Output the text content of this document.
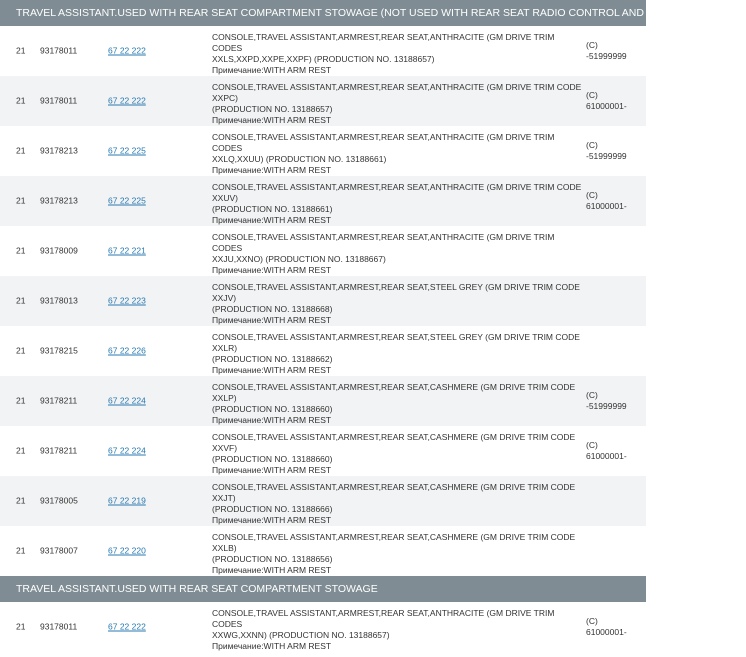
TRAVEL ASSISTANT.USED WITH REAR SEAT COMPARTMENT STOWAGE (NOT USED WITH REAR SEAT RADIO CONTROL AND EARPHONE JACKS)
21 93178011	67 22 222
CONSOLE,TRAVEL ASSISTANT,ARMREST,REAR SEAT,ANTHRACITE (GM DRIVE TRIM CODES
XXLS,XXPD,XXPE,XXPF) (PRODUCTION NO. 13188657)
Примечание:WITH ARM REST
(C)
-51999999
21 93178011	67 22 222
CONSOLE,TRAVEL ASSISTANT,ARMREST,REAR SEAT,ANTHRACITE (GM DRIVE TRIM CODE XXPC)
(PRODUCTION NO. 13188657)
Примечание:WITH ARM REST
(C)
61000001-
21 93178213	67 22 225
CONSOLE,TRAVEL ASSISTANT,ARMREST,REAR SEAT,ANTHRACITE (GM DRIVE TRIM CODES
XXLQ,XXUU) (PRODUCTION NO. 13188661)
Примечание:WITH ARM REST
(C)
-51999999
21 93178213	67 22 225
CONSOLE,TRAVEL ASSISTANT,ARMREST,REAR SEAT,ANTHRACITE (GM DRIVE TRIM CODE XXUV)
(PRODUCTION NO. 13188661)
Примечание:WITH ARM REST
(C)
61000001-
21 93178009	67 22 221
CONSOLE,TRAVEL ASSISTANT,ARMREST,REAR SEAT,ANTHRACITE (GM DRIVE TRIM CODES
XXJU,XXNO) (PRODUCTION NO. 13188667)
Примечание:WITH ARM REST
21 93178013	67 22 223
CONSOLE,TRAVEL ASSISTANT,ARMREST,REAR SEAT,STEEL GREY (GM DRIVE TRIM CODE XXJV)
(PRODUCTION NO. 13188668)
Примечание:WITH ARM REST
21 93178215	67 22 226
CONSOLE,TRAVEL ASSISTANT,ARMREST,REAR SEAT,STEEL GREY (GM DRIVE TRIM CODE XXLR)
(PRODUCTION NO. 13188662)
Примечание:WITH ARM REST
21 93178211	67 22 224
CONSOLE,TRAVEL ASSISTANT,ARMREST,REAR SEAT,CASHMERE (GM DRIVE TRIM CODE XXLP)
(PRODUCTION NO. 13188660)
Примечание:WITH ARM REST
(C)
-51999999
21 93178211	67 22 224
CONSOLE,TRAVEL ASSISTANT,ARMREST,REAR SEAT,CASHMERE (GM DRIVE TRIM CODE XXVF)
(PRODUCTION NO. 13188660)
Примечание:WITH ARM REST
(C)
61000001-
21 93178005	67 22 219
CONSOLE,TRAVEL ASSISTANT,ARMREST,REAR SEAT,CASHMERE (GM DRIVE TRIM CODE XXJT)
(PRODUCTION NO. 13188666)
Примечание:WITH ARM REST
21 93178007	67 22 220
CONSOLE,TRAVEL ASSISTANT,ARMREST,REAR SEAT,CASHMERE (GM DRIVE TRIM CODE XXLB)
(PRODUCTION NO. 13188656)
Примечание:WITH ARM REST
TRAVEL ASSISTANT.USED WITH REAR SEAT COMPARTMENT STOWAGE
21 93178011	67 22 222
CONSOLE,TRAVEL ASSISTANT,ARMREST,REAR SEAT,ANTHRACITE (GM DRIVE TRIM CODES
XXWG,XXNN) (PRODUCTION NO. 13188657)
Примечание:WITH ARM REST
(C)
61000001-
